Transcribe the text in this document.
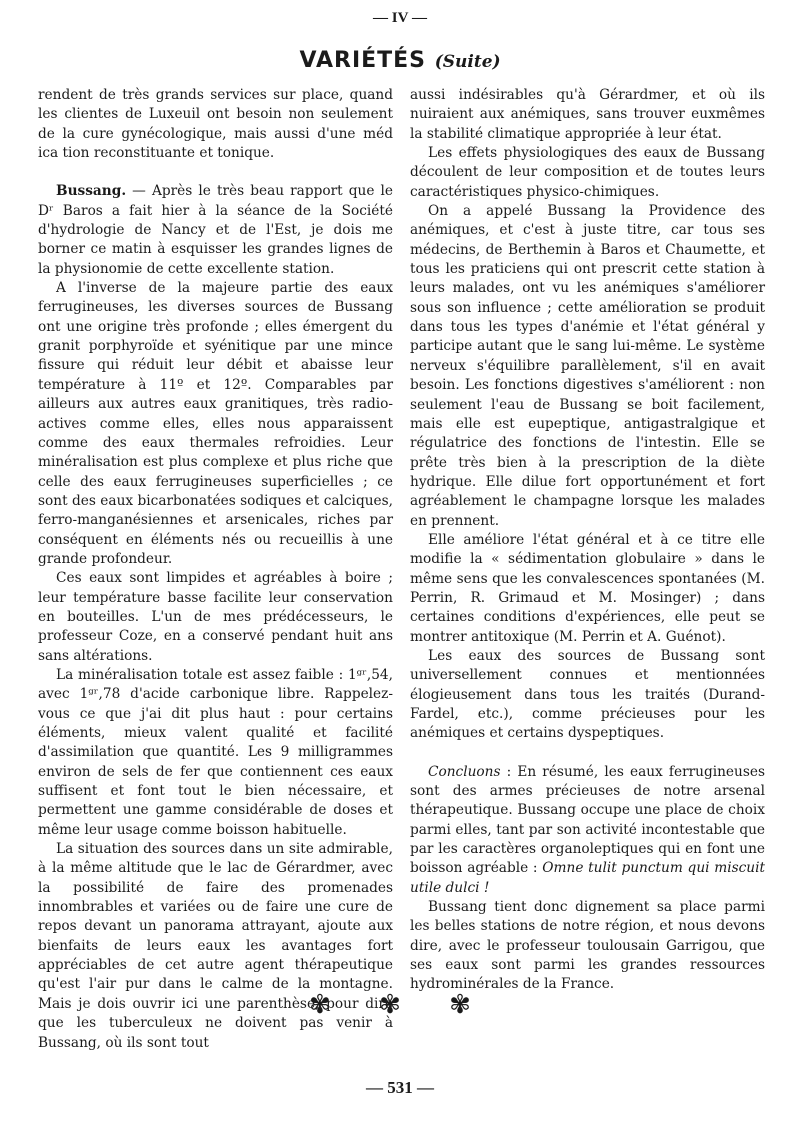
— IV —
VARIÉTÉS (Suite)

rendent de très grands services sur place, quand les clientes de Luxeuil ont besoin non seulement de la cure gynécologique, mais aussi d'une méd ica tion reconstituante et tonique.

Bussang. — Après le très beau rapport que le Dʳ Baros a fait hier à la séance de la Société d'hydrologie de Nancy et de l'Est, je dois me borner ce matin à esquisser les grandes lignes de la physionomie de cette excellente station.

A l'inverse de la majeure partie des eaux ferrugineuses, les diverses sources de Bussang ont une origine très profonde ; elles émergent du granit porphyroïde et syénitique par une mince fissure qui réduit leur débit et abaisse leur température à 11º et 12º. Comparables par ailleurs aux autres eaux granitiques, très radio-actives comme elles, elles nous apparaissent comme des eaux thermales refroidies. Leur minéralisation est plus complexe et plus riche que celle des eaux ferrugineuses superficielles ; ce sont des eaux bicarbonatées sodiques et calciques, ferro-manganésiennes et arsenicales, riches par conséquent en éléments nés ou recueillis à une grande profondeur.

Ces eaux sont limpides et agréables à boire ; leur température basse facilite leur conservation en bouteilles. L'un de mes prédécesseurs, le professeur Coze, en a conservé pendant huit ans sans altérations.

La minéralisation totale est assez faible : 1ᵍʳ,54, avec 1ᵍʳ,78 d'acide carbonique libre. Rappelez-vous ce que j'ai dit plus haut : pour certains éléments, mieux valent qualité et facilité d'assimilation que quantité. Les 9 milligrammes environ de sels de fer que contiennent ces eaux suffisent et font tout le bien nécessaire, et permettent une gamme considérable de doses et même leur usage comme boisson habituelle.

La situation des sources dans un site admirable, à la même altitude que le lac de Gérardmer, avec la possibilité de faire des promenades innombrables et variées ou de faire une cure de repos devant un panorama attrayant, ajoute aux bienfaits de leurs eaux les avantages fort appréciables de cet autre agent thérapeutique qu'est l'air pur dans le calme de la montagne. Mais je dois ouvrir ici une parenthèse, pour dire que les tuberculeux ne doivent pas venir à Bussang, où ils sont tout

aussi indésirables qu'à Gérardmer, et où ils nuiraient aux anémiques, sans trouver euxmêmes la stabilité climatique appropriée à leur état.

Les effets physiologiques des eaux de Bussang découlent de leur composition et de toutes leurs caractéristiques physico-chimiques.

On a appelé Bussang la Providence des anémiques, et c'est à juste titre, car tous ses médecins, de Berthemin à Baros et Chaumette, et tous les praticiens qui ont prescrit cette station à leurs malades, ont vu les anémiques s'améliorer sous son influence ; cette amélioration se produit dans tous les types d'anémie et l'état général y participe autant que le sang lui-même. Le système nerveux s'équilibre parallèlement, s'il en avait besoin. Les fonctions digestives s'améliorent : non seulement l'eau de Bussang se boit facilement, mais elle est eupeptique, antigastralgique et régulatrice des fonctions de l'intestin. Elle se prête très bien à la prescription de la diète hydrique. Elle dilue fort opportunément et fort agréablement le champagne lorsque les malades en prennent.

Elle améliore l'état général et à ce titre elle modifie la « sédimentation globulaire » dans le même sens que les convalescences spontanées (M. Perrin, R. Grimaud et M. Mosinger) ; dans certaines conditions d'expériences, elle peut se montrer antitoxique (M. Perrin et A. Guénot).

Les eaux des sources de Bussang sont universellement connues et mentionnées élogieusement dans tous les traités (Durand-Fardel, etc.), comme précieuses pour les anémiques et certains dyspeptiques.

Concluons : En résumé, les eaux ferrugineuses sont des armes précieuses de notre arsenal thérapeutique. Bussang occupe une place de choix parmi elles, tant par son activité incontestable que par les caractères organoleptiques qui en font une boisson agréable : Omne tulit punctum qui miscuit utile dulci !

Bussang tient donc dignement sa place parmi les belles stations de notre région, et nous devons dire, avec le professeur toulousain Garrigou, que ses eaux sont parmi les grandes ressources hydrominérales de la France.

✾ ✾ ✾
— 531 —
